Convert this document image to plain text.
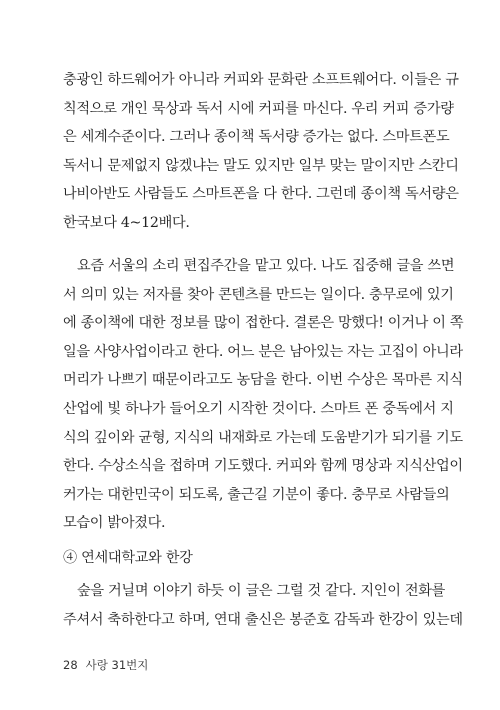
충광인 하드웨어가 아니라 커피와 문화란 소프트웨어다. 이들은 규
칙적으로 개인 묵상과 독서 시에 커피를 마신다. 우리 커피 증가량
은 세계수준이다. 그러나 종이책 독서량 증가는 없다. 스마트폰도
독서니 문제없지 않겠냐는 말도 있지만 일부 맞는 말이지만 스칸디
나비아반도 사람들도 스마트폰을 다 한다. 그런데 종이책 독서량은
한국보다 4~12배다.
요즘 서울의 소리 편집주간을 맡고 있다. 나도 집중해 글을 쓰면
서 의미 있는 저자를 찾아 콘텐츠를 만드는 일이다. 충무로에 있기
에 종이책에 대한 정보를 많이 접한다. 결론은 망했다! 이거나 이 쪽
일을 사양사업이라고 한다. 어느 분은 남아있는 자는 고집이 아니라
머리가 나쁘기 때문이라고도 농담을 한다. 이번 수상은 목마른 지식
산업에 빛 하나가 들어오기 시작한 것이다. 스마트 폰 중독에서 지
식의 깊이와 균형, 지식의 내재화로 가는데 도움받기가 되기를 기도
한다. 수상소식을 접하며 기도했다. 커피와 함께 명상과 지식산업이
커가는 대한민국이 되도록, 출근길 기분이 좋다. 충무로 사람들의
모습이 밝아졌다.
④ 연세대학교와 한강
숲을 거닐며 이야기 하듯 이 글은 그럴 것 같다. 지인이 전화를
주셔서 축하한다고 하며, 연대 출신은 봉준호 감독과 한강이 있는데
28 사랑 31번지
